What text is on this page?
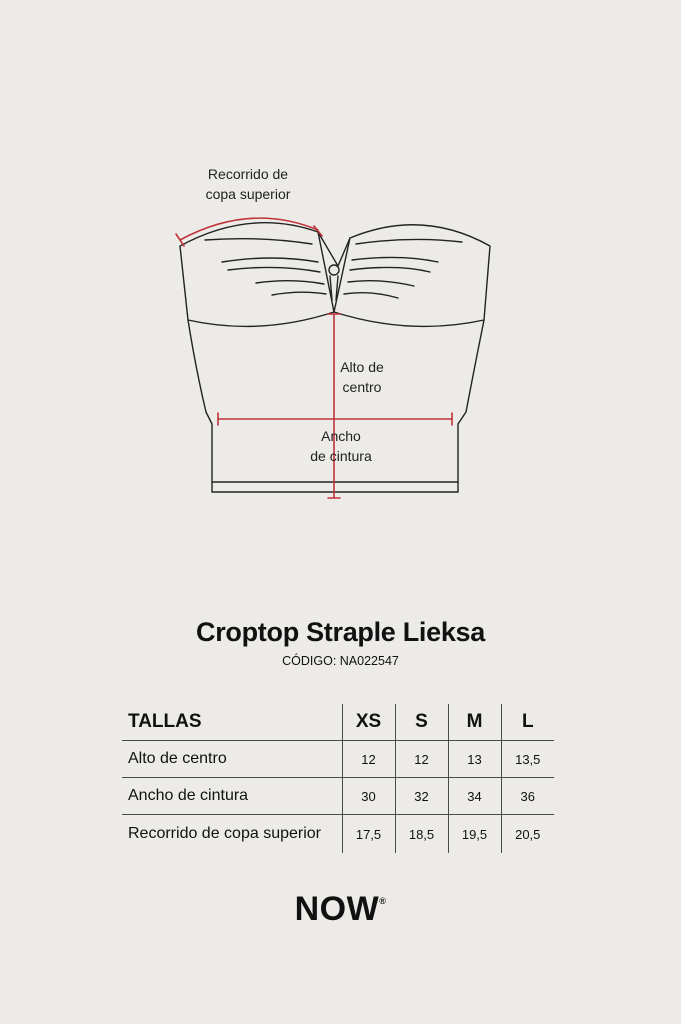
Recorrido de
copa superior
Alto de
centro
Ancho
de cintura
Croptop Straple Lieksa
CÓDIGO: NA022547
TALLAS	XS	S	M	L
Alto de centro	12	12	13	13,5
Ancho de cintura	30	32	34	36
Recorrido de copa superior	17,5	18,5	19,5	20,5
NOW®
